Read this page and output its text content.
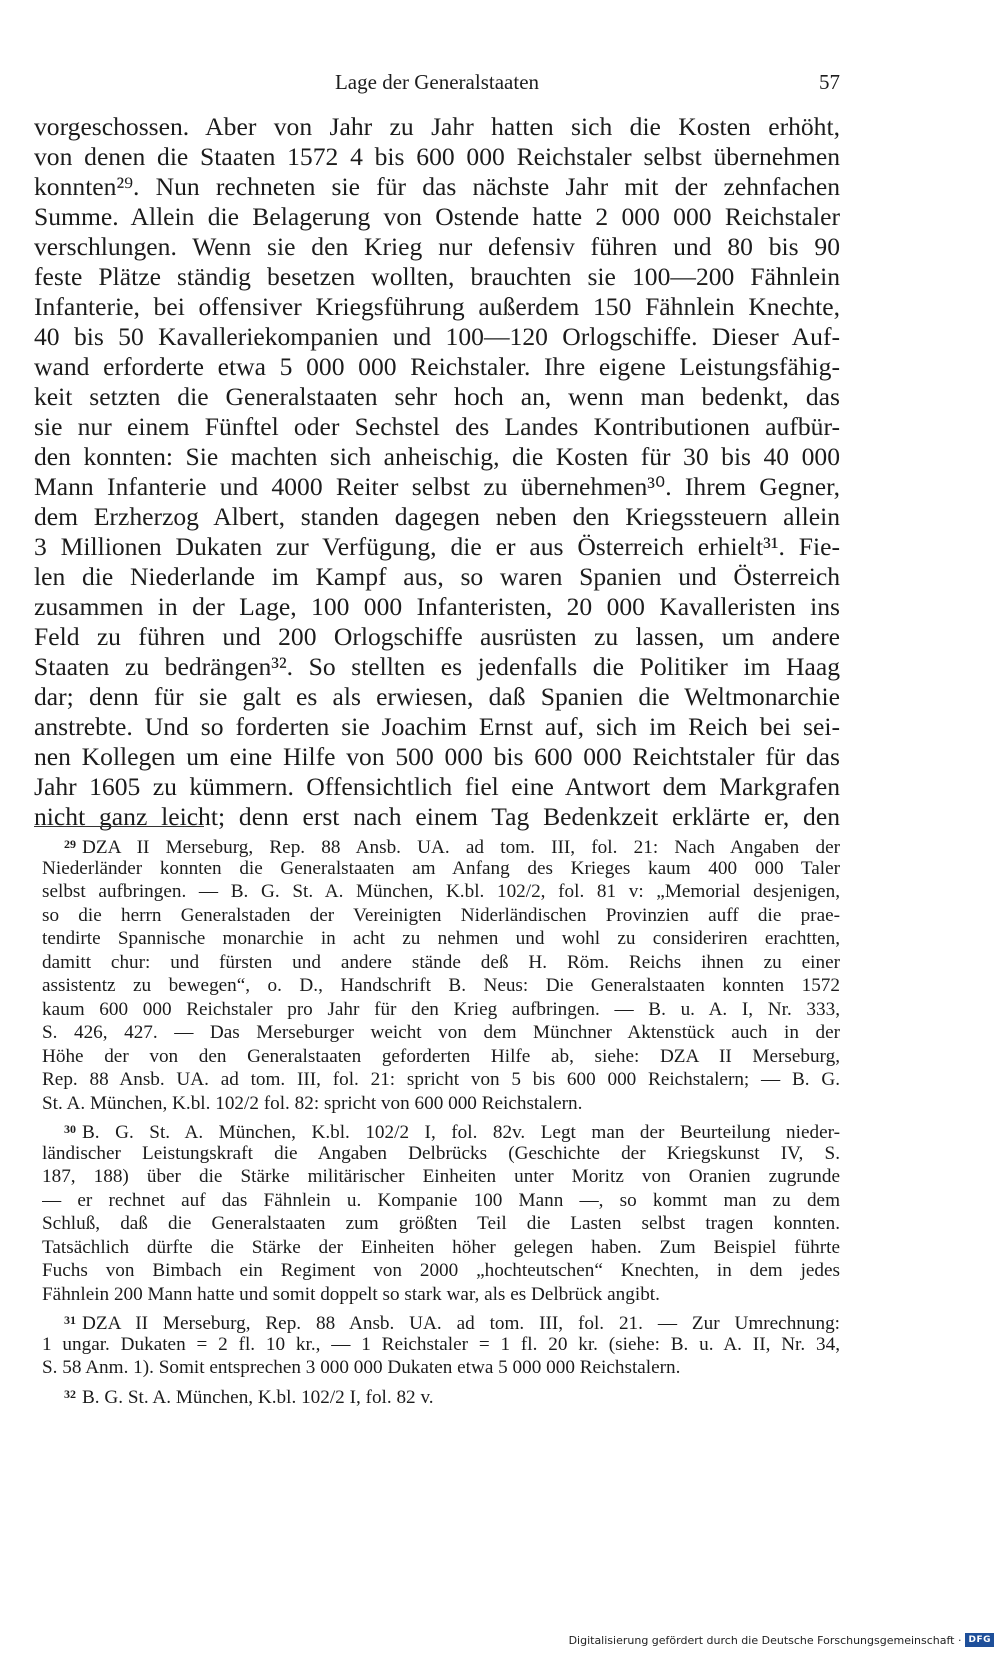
Lage der Generalstaaten	57
vorgeschossen. Aber von Jahr zu Jahr hatten sich die Kosten erhöht,
von denen die Staaten 1572 4 bis 600 000 Reichstaler selbst übernehmen
konnten²⁹. Nun rechneten sie für das nächste Jahr mit der zehnfachen
Summe. Allein die Belagerung von Ostende hatte 2 000 000 Reichstaler
verschlungen. Wenn sie den Krieg nur defensiv führen und 80 bis 90
feste Plätze ständig besetzen wollten, brauchten sie 100—200 Fähnlein
Infanterie, bei offensiver Kriegsführung außerdem 150 Fähnlein Knechte,
40 bis 50 Kavalleriekompanien und 100—120 Orlogschiffe. Dieser Auf-
wand erforderte etwa 5 000 000 Reichstaler. Ihre eigene Leistungsfähig-
keit setzten die Generalstaaten sehr hoch an, wenn man bedenkt, das
sie nur einem Fünftel oder Sechstel des Landes Kontributionen aufbür-
den konnten: Sie machten sich anheischig, die Kosten für 30 bis 40 000
Mann Infanterie und 4000 Reiter selbst zu übernehmen³⁰. Ihrem Gegner,
dem Erzherzog Albert, standen dagegen neben den Kriegssteuern allein
3 Millionen Dukaten zur Verfügung, die er aus Österreich erhielt³¹. Fie-
len die Niederlande im Kampf aus, so waren Spanien und Österreich
zusammen in der Lage, 100 000 Infanteristen, 20 000 Kavalleristen ins
Feld zu führen und 200 Orlogschiffe ausrüsten zu lassen, um andere
Staaten zu bedrängen³². So stellten es jedenfalls die Politiker im Haag
dar; denn für sie galt es als erwiesen, daß Spanien die Weltmonarchie
anstrebte. Und so forderten sie Joachim Ernst auf, sich im Reich bei sei-
nen Kollegen um eine Hilfe von 500 000 bis 600 000 Reichtstaler für das
Jahr 1605 zu kümmern. Offensichtlich fiel eine Antwort dem Markgrafen
nicht ganz leicht; denn erst nach einem Tag Bedenkzeit erklärte er, den
$^{29}$ DZA II Merseburg, Rep. 88 Ansb. UA. ad tom. III, fol. 21: Nach Angaben der
Niederländer konnten die Generalstaaten am Anfang des Krieges kaum 400 000 Taler
selbst aufbringen. — B. G. St. A. München, K.bl. 102/2, fol. 81 v: „Memorial desjenigen,
so die herrn Generalstaden der Vereinigten Niderländischen Provinzien auff die prae-
tendirte Spannische monarchie in acht zu nehmen und wohl zu consideriren erachtten,
damitt chur: und fürsten und andere stände deß H. Röm. Reichs ihnen zu einer
assistentz zu bewegen“, o. D., Handschrift B. Neus: Die Generalstaaten konnten 1572
kaum 600 000 Reichstaler pro Jahr für den Krieg aufbringen. — B. u. A. I, Nr. 333,
S. 426, 427. — Das Merseburger weicht von dem Münchner Aktenstück auch in der
Höhe der von den Generalstaaten geforderten Hilfe ab, siehe: DZA II Merseburg,
Rep. 88 Ansb. UA. ad tom. III, fol. 21: spricht von 5 bis 600 000 Reichstalern; — B. G.
St. A. München, K.bl. 102/2 fol. 82: spricht von 600 000 Reichstalern.
$^{30}$ B. G. St. A. München, K.bl. 102/2 I, fol. 82v. Legt man der Beurteilung nieder-
ländischer Leistungskraft die Angaben Delbrücks (Geschichte der Kriegskunst IV, S.
187, 188) über die Stärke militärischer Einheiten unter Moritz von Oranien zugrunde
— er rechnet auf das Fähnlein u. Kompanie 100 Mann —, so kommt man zu dem
Schluß, daß die Generalstaaten zum größten Teil die Lasten selbst tragen konnten.
Tatsächlich dürfte die Stärke der Einheiten höher gelegen haben. Zum Beispiel führte
Fuchs von Bimbach ein Regiment von 2000 „hochteutschen“ Knechten, in dem jedes
Fähnlein 200 Mann hatte und somit doppelt so stark war, als es Delbrück angibt.
$^{31}$ DZA II Merseburg, Rep. 88 Ansb. UA. ad tom. III, fol. 21. — Zur Umrechnung:
1 ungar. Dukaten = 2 fl. 10 kr., — 1 Reichstaler = 1 fl. 20 kr. (siehe: B. u. A. II, Nr. 34,
S. 58 Anm. 1). Somit entsprechen 3 000 000 Dukaten etwa 5 000 000 Reichstalern.
$^{32}$ B. G. St. A. München, K.bl. 102/2 I, fol. 82 v.
Digitalisierung gefördert durch die Deutsche Forschungsgemeinschaft · DFG
